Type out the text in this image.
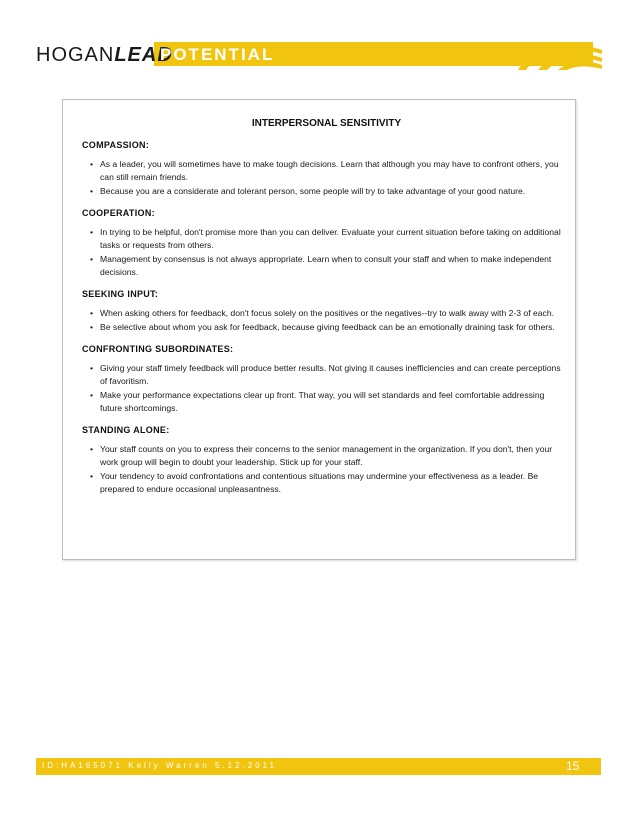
HOGANLEAD
POTENTIAL
INTERPERSONAL SENSITIVITY
COMPASSION:
• As a leader, you will sometimes have to make tough decisions. Learn that although you may have to confront others, you can still remain friends.
• Because you are a considerate and tolerant person, some people will try to take advantage of your good nature.
COOPERATION:
• In trying to be helpful, don't promise more than you can deliver. Evaluate your current situation before taking on additional tasks or requests from others.
• Management by consensus is not always appropriate. Learn when to consult your staff and when to make independent decisions.
SEEKING INPUT:
• When asking others for feedback, don't focus solely on the positives or the negatives--try to walk away with 2-3 of each.
• Be selective about whom you ask for feedback, because giving feedback can be an emotionally draining task for others.
CONFRONTING SUBORDINATES:
• Giving your staff timely feedback will produce better results. Not giving it causes inefficiencies and can create perceptions of favoritism.
• Make your performance expectations clear up front. That way, you will set standards and feel comfortable addressing future shortcomings.
STANDING ALONE:
• Your staff counts on you to express their concerns to the senior management in the organization. If you don't, then your work group will begin to doubt your leadership. Stick up for your staff.
• Your tendency to avoid confrontations and contentious situations may undermine your effectiveness as a leader. Be prepared to endure occasional unpleasantness.
ID:HA165071 Kelly Warren 5.12.2011	15
